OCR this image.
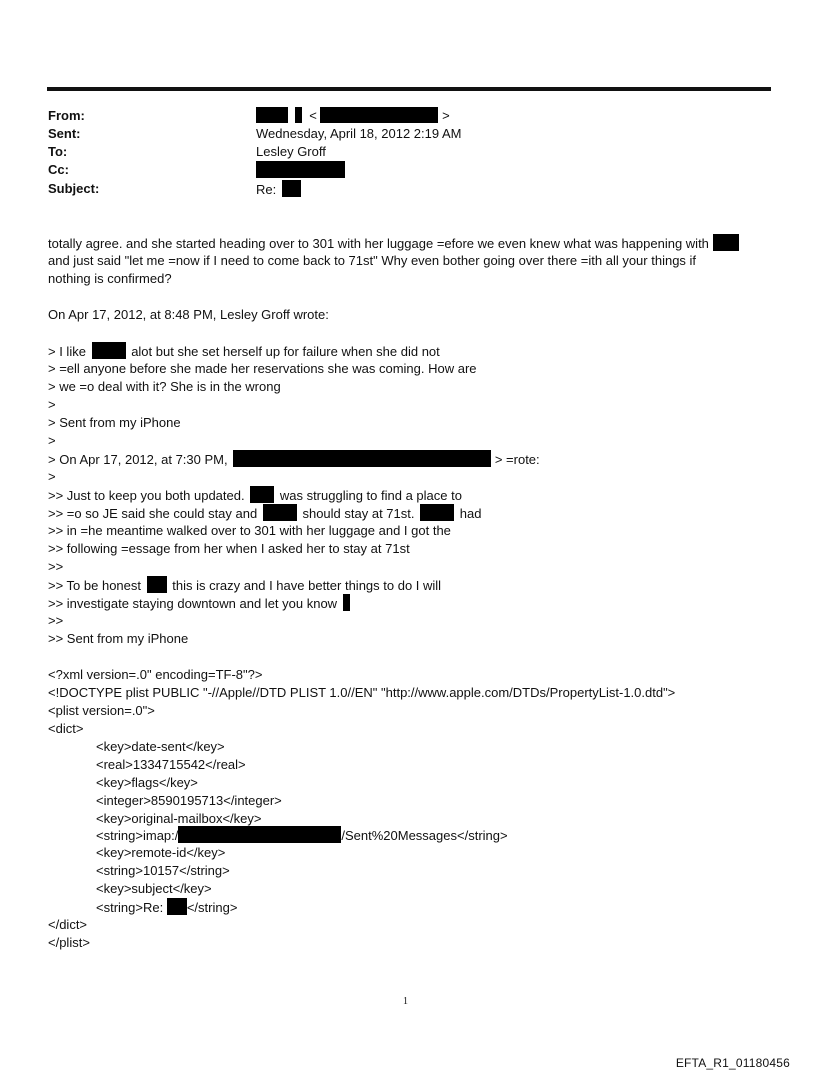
From:	<	>
Sent:	Wednesday, April 18, 2012 2:19 AM
To:	Lesley Groff
Cc:
Subject:	Re:
totally agree. and she started heading over to 301 with her luggage =efore we even knew what was happening with
and just said "let me =now if I need to come back to 71st" Why even bother going over there =ith all your things if
nothing is confirmed?
On Apr 17, 2012, at 8:48 PM, Lesley Groff wrote:
> I like	alot but she set herself up for failure when she did not
> =ell anyone before she made her reservations she was coming. How are
> we =o deal with it? She is in the wrong
>
> Sent from my iPhone
>
> On Apr 17, 2012, at 7:30 PM,	> =rote:
>
>> Just to keep you both updated.	was struggling to find a place to
>> =o so JE said she could stay and	should stay at 71st.	had
>> in =he meantime walked over to 301 with her luggage and I got the
>> following =essage from her when I asked her to stay at 71st
>>
>> To be honest this is crazy and I have better things to do I will
>> investigate staying downtown and let you know
>>
>> Sent from my iPhone
<?xml version=.0" encoding=TF-8"?>
<!DOCTYPE plist PUBLIC "-//Apple//DTD PLIST 1.0//EN" "http://www.apple.com/DTDs/PropertyList-1.0.dtd">
<plist version=.0">
<dict>
<key>date-sent</key>
<real>1334715542</real>
<key>flags</key>
<integer>8590195713</integer>
<key>original-mailbox</key>
<string>imap:/	/Sent%20Messages</string>
<key>remote-id</key>
<string>10157</string>
<key>subject</key>
<string>Re: </string>
</dict>
</plist>
1
EFTA_R1_01180456
